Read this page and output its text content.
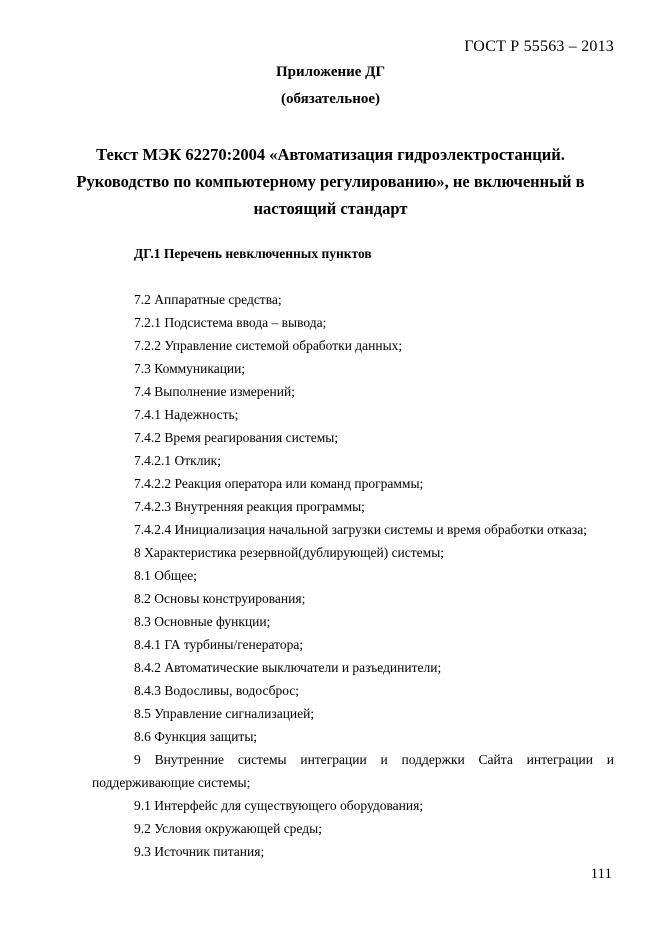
ГОСТ Р 55563 – 2013
Приложение ДГ
(обязательное)
Текст МЭК 62270:2004 «Автоматизация гидроэлектростанций.
Руководство по компьютерному регулированию», не включенный в
настоящий стандарт
ДГ.1 Перечень невключенных пунктов
7.2 Аппаратные средства;
7.2.1 Подсистема ввода – вывода;
7.2.2 Управление системой обработки данных;
7.3 Коммуникации;
7.4 Выполнение измерений;
7.4.1 Надежность;
7.4.2 Время реагирования системы;
7.4.2.1 Отклик;
7.4.2.2 Реакция оператора или команд программы;
7.4.2.3 Внутренняя реакция программы;
7.4.2.4 Инициализация начальной загрузки системы и время обработки отказа;
8 Характеристика резервной(дублирующей) системы;
8.1 Общее;
8.2 Основы конструирования;
8.3 Основные функции;
8.4.1 ГА турбины/генератора;
8.4.2 Автоматические выключатели и разъединители;
8.4.3 Водосливы, водосброс;
8.5 Управление сигнализацией;
8.6 Функция защиты;
9 Внутренние системы интеграции и поддержки Сайта интеграции и
поддерживающие системы;
9.1 Интерфейс для существующего оборудования;
9.2 Условия окружающей среды;
9.3 Источник питания;
111
